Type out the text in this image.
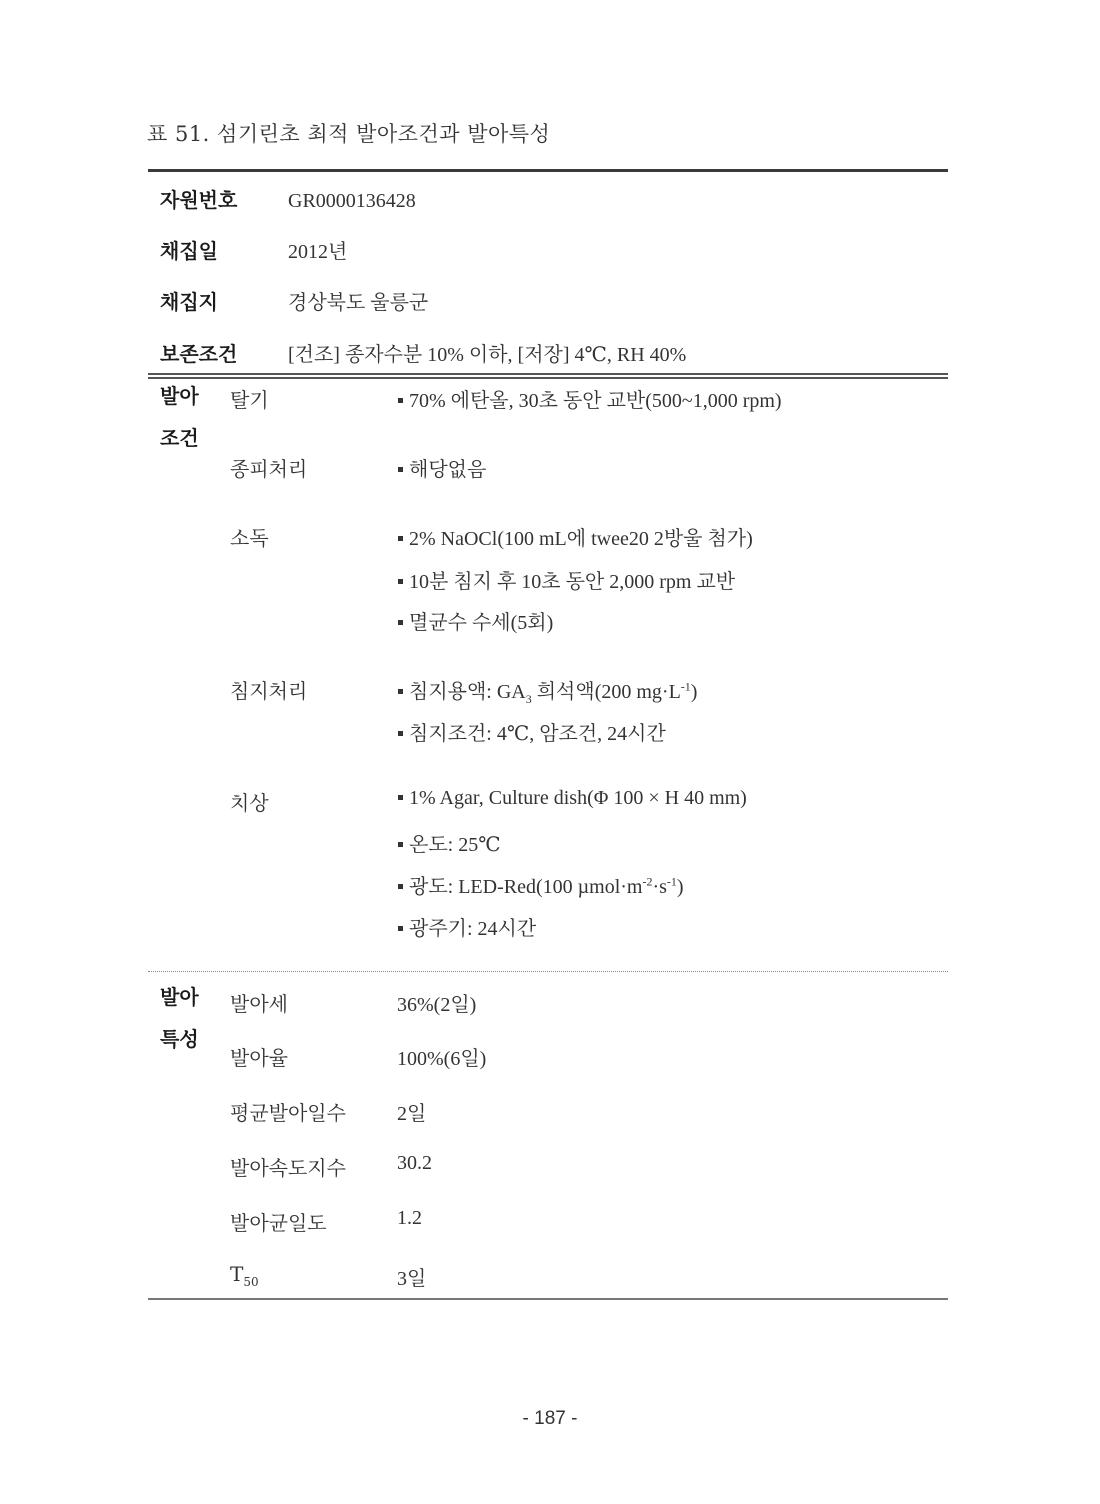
표 51. 섬기린초 최적 발아조건과 발아특성
자원번호	GR0000136428
채집일	2012년
채집지	경상북도 울릉군
보존조건	[건조] 종자수분 10% 이하, [저장] 4℃, RH 40%
발아
조건
탈기	70% 에탄올, 30초 동안 교반(500~1,000 rpm)
종피처리	해당없음
소독	2% NaOCl(100 mL에 twee20 2방울 첨가)
10분 침지 후 10초 동안 2,000 rpm 교반
멸균수 수세(5회)
침지처리	침지용액: $GA_3$ 희석액(200 $mg\cdot L^{-1}$)
침지조건: 4℃, 암조건, 24시간
치상	1% Agar, Culture dish(Φ 100 × H 40 mm)
온도: 25℃
광도: LED-Red(100 $\mu mol\cdot m^{-2}\cdot s^{-1}$)
광주기: 24시간
발아
특성
발아세	36%(2일)
발아율	100%(6일)
평균발아일수	2일
발아속도지수	30.2
발아균일도	1.2
$T_{50}$	3일
- 187 -
